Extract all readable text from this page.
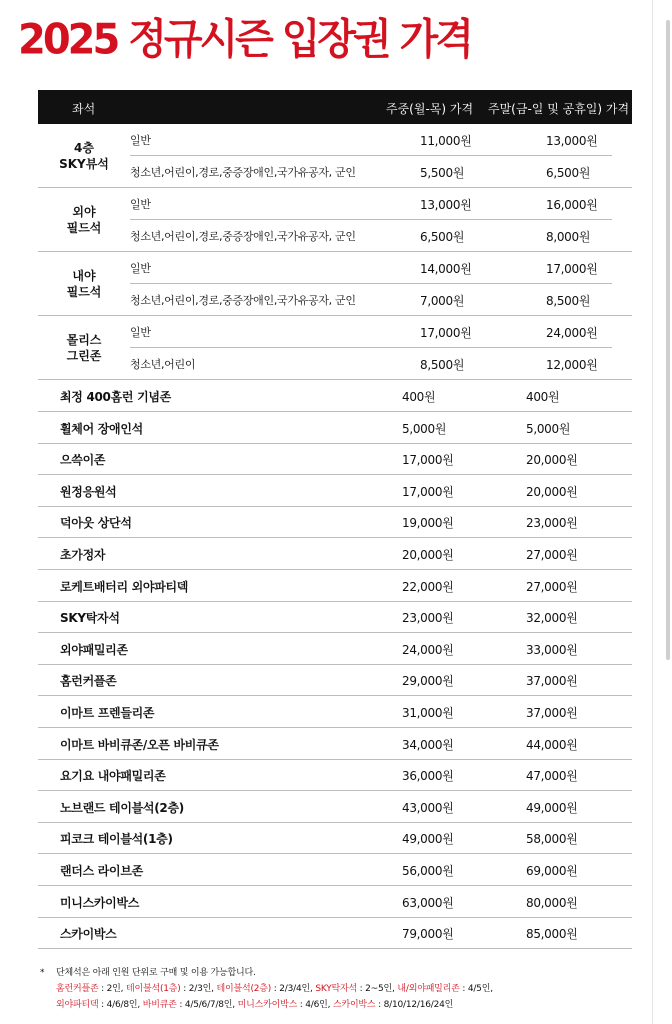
2025 정규시즌 입장권 가격
좌석	주중(월-목) 가격 주말(금-일 및 공휴일) 가격
4층
SKY뷰석
일반	11,000원	13,000원
청소년,어린이,경로,중증장애인,국가유공자, 군인	5,500원	6,500원
외야
필드석
일반	13,000원	16,000원
청소년,어린이,경로,중증장애인,국가유공자, 군인	6,500원	8,000원
내야
필드석
일반	14,000원	17,000원
청소년,어린이,경로,중증장애인,국가유공자, 군인	7,000원	8,500원
몰리스
그린존
일반	17,000원	24,000원
청소년,어린이	8,500원	12,000원
최정 400홈런 기념존	400원	400원
휠체어 장애인석	5,000원	5,000원
으쓱이존	17,000원	20,000원
원정응원석	17,000원	20,000원
덕아웃 상단석	19,000원	23,000원
초가정자	20,000원	27,000원
로케트배터리 외야파티덱	22,000원	27,000원
SKY탁자석	23,000원	32,000원
외야패밀리존	24,000원	33,000원
홈런커플존	29,000원	37,000원
이마트 프렌들리존	31,000원	37,000원
이마트 바비큐존/오픈 바비큐존	34,000원	44,000원
요기요 내야패밀리존	36,000원	47,000원
노브랜드 테이블석(2층)	43,000원	49,000원
피코크 테이블석(1층)	49,000원	58,000원
랜더스 라이브존	56,000원	69,000원
미니스카이박스	63,000원	80,000원
스카이박스	79,000원	85,000원
* 단체석은 아래 인원 단위로 구매 및 이용 가능합니다.
홈런커플존 : 2인, 테이블석(1층) : 2/3인, 테이블석(2층) : 2/3/4인, SKY탁자석 : 2~5인, 내/외야패밀리존 : 4/5인,
외야파티덱 : 4/6/8인, 바비큐존 : 4/5/6/7/8인, 미니스카이박스 : 4/6인, 스카이박스 : 8/10/12/16/24인
